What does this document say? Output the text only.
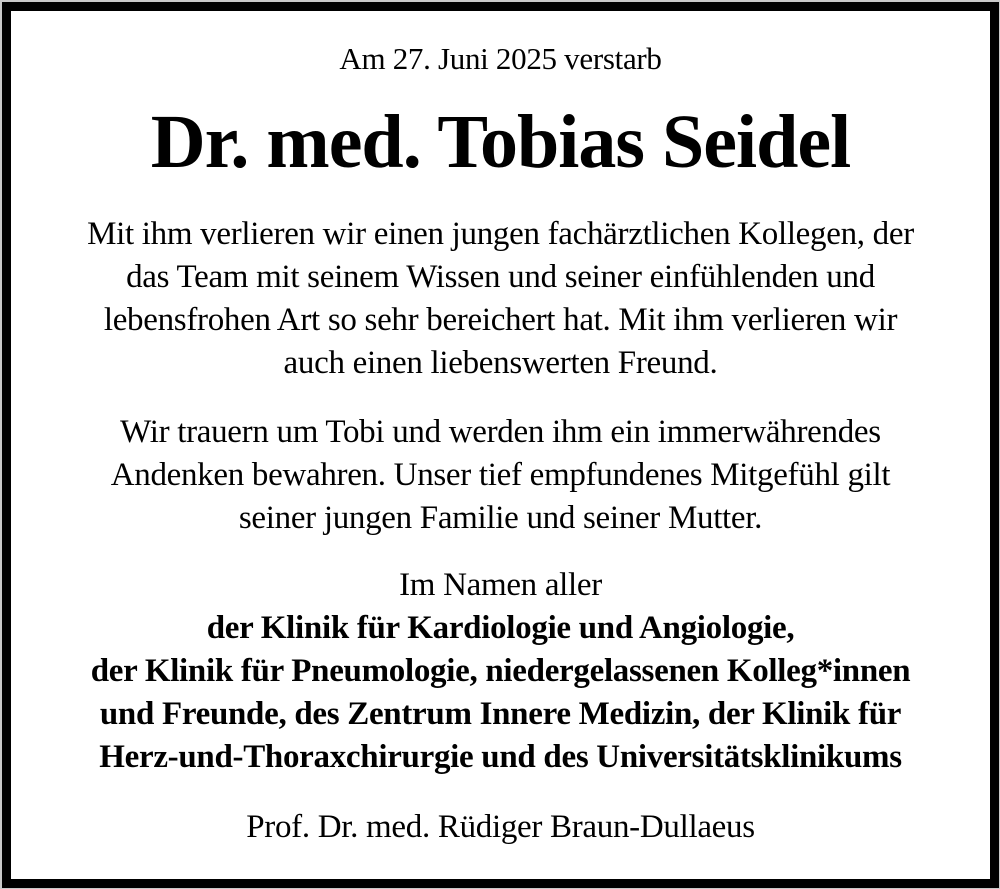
Am 27. Juni 2025 verstarb
Dr. med. Tobias Seidel
Mit ihm verlieren wir einen jungen fachärztlichen Kollegen, der
das Team mit seinem Wissen und seiner einfühlenden und
lebensfrohen Art so sehr bereichert hat. Mit ihm verlieren wir
auch einen liebenswerten Freund.
Wir trauern um Tobi und werden ihm ein immerwährendes
Andenken bewahren. Unser tief empfundenes Mitgefühl gilt
seiner jungen Familie und seiner Mutter.
Im Namen aller
der Klinik für Kardiologie und Angiologie,
der Klinik für Pneumologie, niedergelassenen Kolleg*innen
und Freunde, des Zentrum Innere Medizin, der Klinik für
Herz-und-Thoraxchirurgie und des Universitätsklinikums
Prof. Dr. med. Rüdiger Braun-Dullaeus
